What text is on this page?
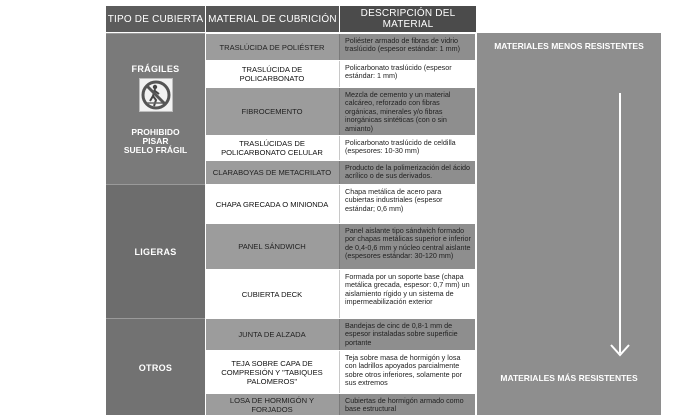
TIPO DE CUBIERTA MATERIAL DE CUBRICIÓN	DESCRIPCIÓN DEL MATERIAL
FRÁGILES
PROHIBIDO
PISAR
SUELO FRÁGIL
LIGERAS
OTROS
TRASLÚCIDA DE POLIÉSTER
Poliéster armado de fibras de vidrio traslúcido (espesor estándar: 1 mm)
TRASLÚCIDA DE POLICARBONATO
Policarbonato traslúcido (espesor estándar: 1 mm)
FIBROCEMENTO
Mezcla de cemento y un material calcáreo, reforzado con fibras orgánicas, minerales y/o fibras inorgánicas sintéticas (con o sin amianto)
TRASLÚCIDAS DE POLICARBONATO CELULAR
Policarbonato traslúcido de celdilla (espesores: 10-30 mm)
CLARABOYAS DE METACRILATO
Producto de la polimerización del ácido acrílico o de sus derivados.
CHAPA GRECADA O MINIONDA
Chapa metálica de acero para cubiertas industriales (espesor estándar; 0,6 mm)
PANEL SÁNDWICH
Panel aislante tipo sándwich formado por chapas metálicas superior e inferior de 0,4-0,6 mm y núcleo central aislante (espesores estándar: 30-120 mm)
CUBIERTA DECK
Formada por un soporte base (chapa metálica grecada, espesor: 0,7 mm) un aislamiento rígido y un sistema de impermeabilización exterior
JUNTA DE ALZADA
Bandejas de cinc de 0,8-1 mm de espesor instaladas sobre superficie portante
TEJA SOBRE CAPA DE COMPRESIÓN Y "TABIQUES PALOMEROS"
Teja sobre masa de hormigón y losa con ladrillos apoyados parcialmente sobre otros inferiores, solamente por sus extremos
LOSA DE HORMIGÓN Y FORJADOS
Cubiertas de hormigón armado como base estructural
MATERIALES MENOS RESISTENTES
MATERIALES MÁS RESISTENTES
